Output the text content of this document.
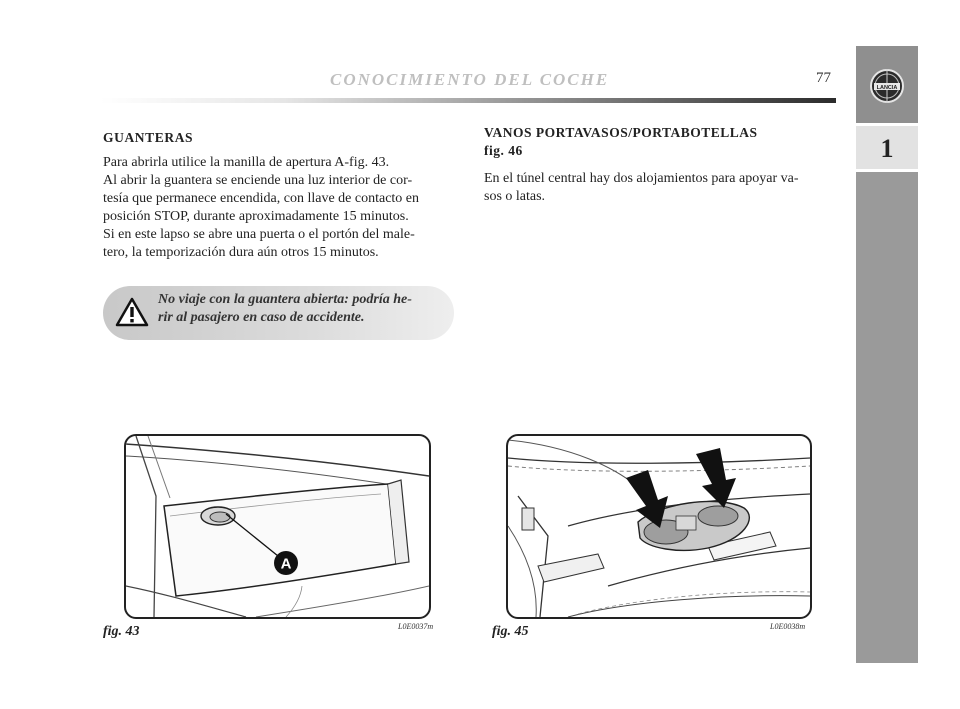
CONOCIMIENTO DEL COCHE	77
LANCIA
1
GUANTERAS

Para abrirla utilice la manilla de apertura A-fig. 43.

Al abrir la guantera se enciende una luz interior de cor-

tesía que permanece encendida, con llave de contacto en

posición STOP, durante aproximadamente 15 minutos.

Si en este lapso se abre una puerta o el portón del male-

tero, la temporización dura aún otros 15 minutos.

No viaje con la guantera abierta: podría he-

rir al pasajero en caso de accidente.

VANOS PORTAVASOS/PORTABOTELLAS

fig. 46

En el túnel central hay dos alojamientos para apoyar va-

sos o latas.

A
fig. 43	L0E0037m	fig. 45	L0E0038m
